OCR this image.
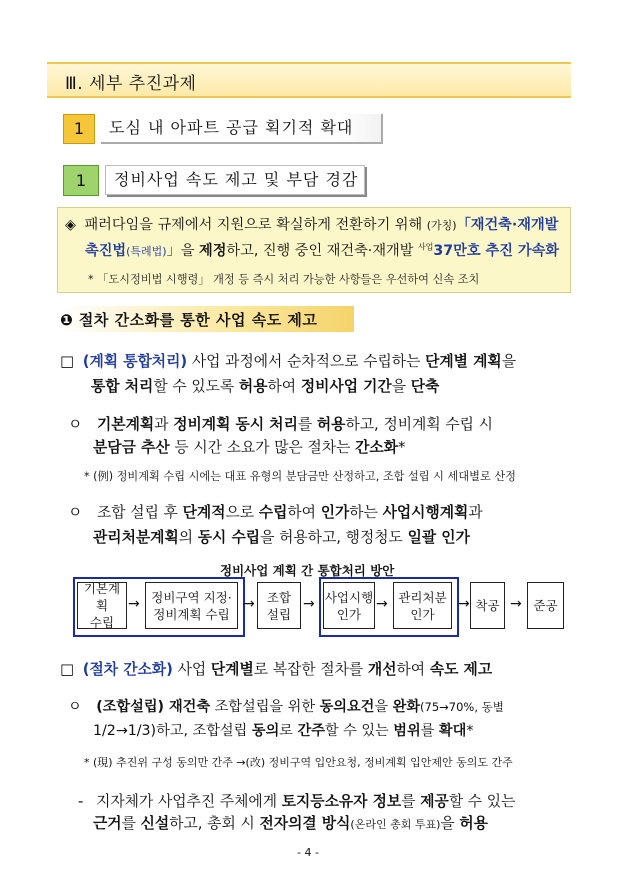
Ⅲ. 세부 추진과제
1	도심 내 아파트 공급 획기적 확대
1	정비사업 속도 제고 및 부담 경감
◈ 패러다임을 규제에서 지원으로 확실하게 전환하기 위해 (가칭)「재건축·재개발
촉진법(특례법)」을 제정하고, 진행 중인 재건축·재개발 $^{사업}$37만호 추진 가속화
* 「도시정비법 시행령」 개정 등 즉시 처리 가능한 사항들은 우선하여 신속 조치
❶ 절차 간소화를 통한 사업 속도 제고
□ (계획 통합처리) 사업 과정에서 순차적으로 수립하는 단계별 계획을
통합 처리할 수 있도록 허용하여 정비사업 기간을 단축
ㅇ 기본계획과 정비계획 동시 처리를 허용하고, 정비계획 수립 시
분담금 추산 등 시간 소요가 많은 절차는 간소화*
* (例) 정비계획 수립 시에는 대표 유형의 분담금만 산정하고, 조합 설립 시 세대별로 산정
ㅇ 조합 설립 후 단계적으로 수립하여 인가하는 사업시행계획과
관리처분계획의 동시 수립을 허용하고, 행정청도 일괄 인가
정비사업 계획 간 통합처리 방안
기본계획
수립
→ 정비구역 지정·
정비계획 수립
→ 조합
설립
→ 사업시행
인가
→ 관리처분
인가
→ 착공 → 준공
□ (절차 간소화) 사업 단계별로 복잡한 절차를 개선하여 속도 제고
ㅇ (조합설립) 재건축 조합설립을 위한 동의요건을 완화(75→70%, 동별
1/2→1/3)하고, 조합설립 동의로 간주할 수 있는 범위를 확대*
* (現) 추진위 구성 동의만 간주 →(改) 정비구역 입안요청, 정비계획 입안제안 동의도 간주
- 지자체가 사업추진 주체에게 토지등소유자 정보를 제공할 수 있는
근거를 신설하고, 총회 시 전자의결 방식(온라인 총회 투표)을 허용
- 4 -
